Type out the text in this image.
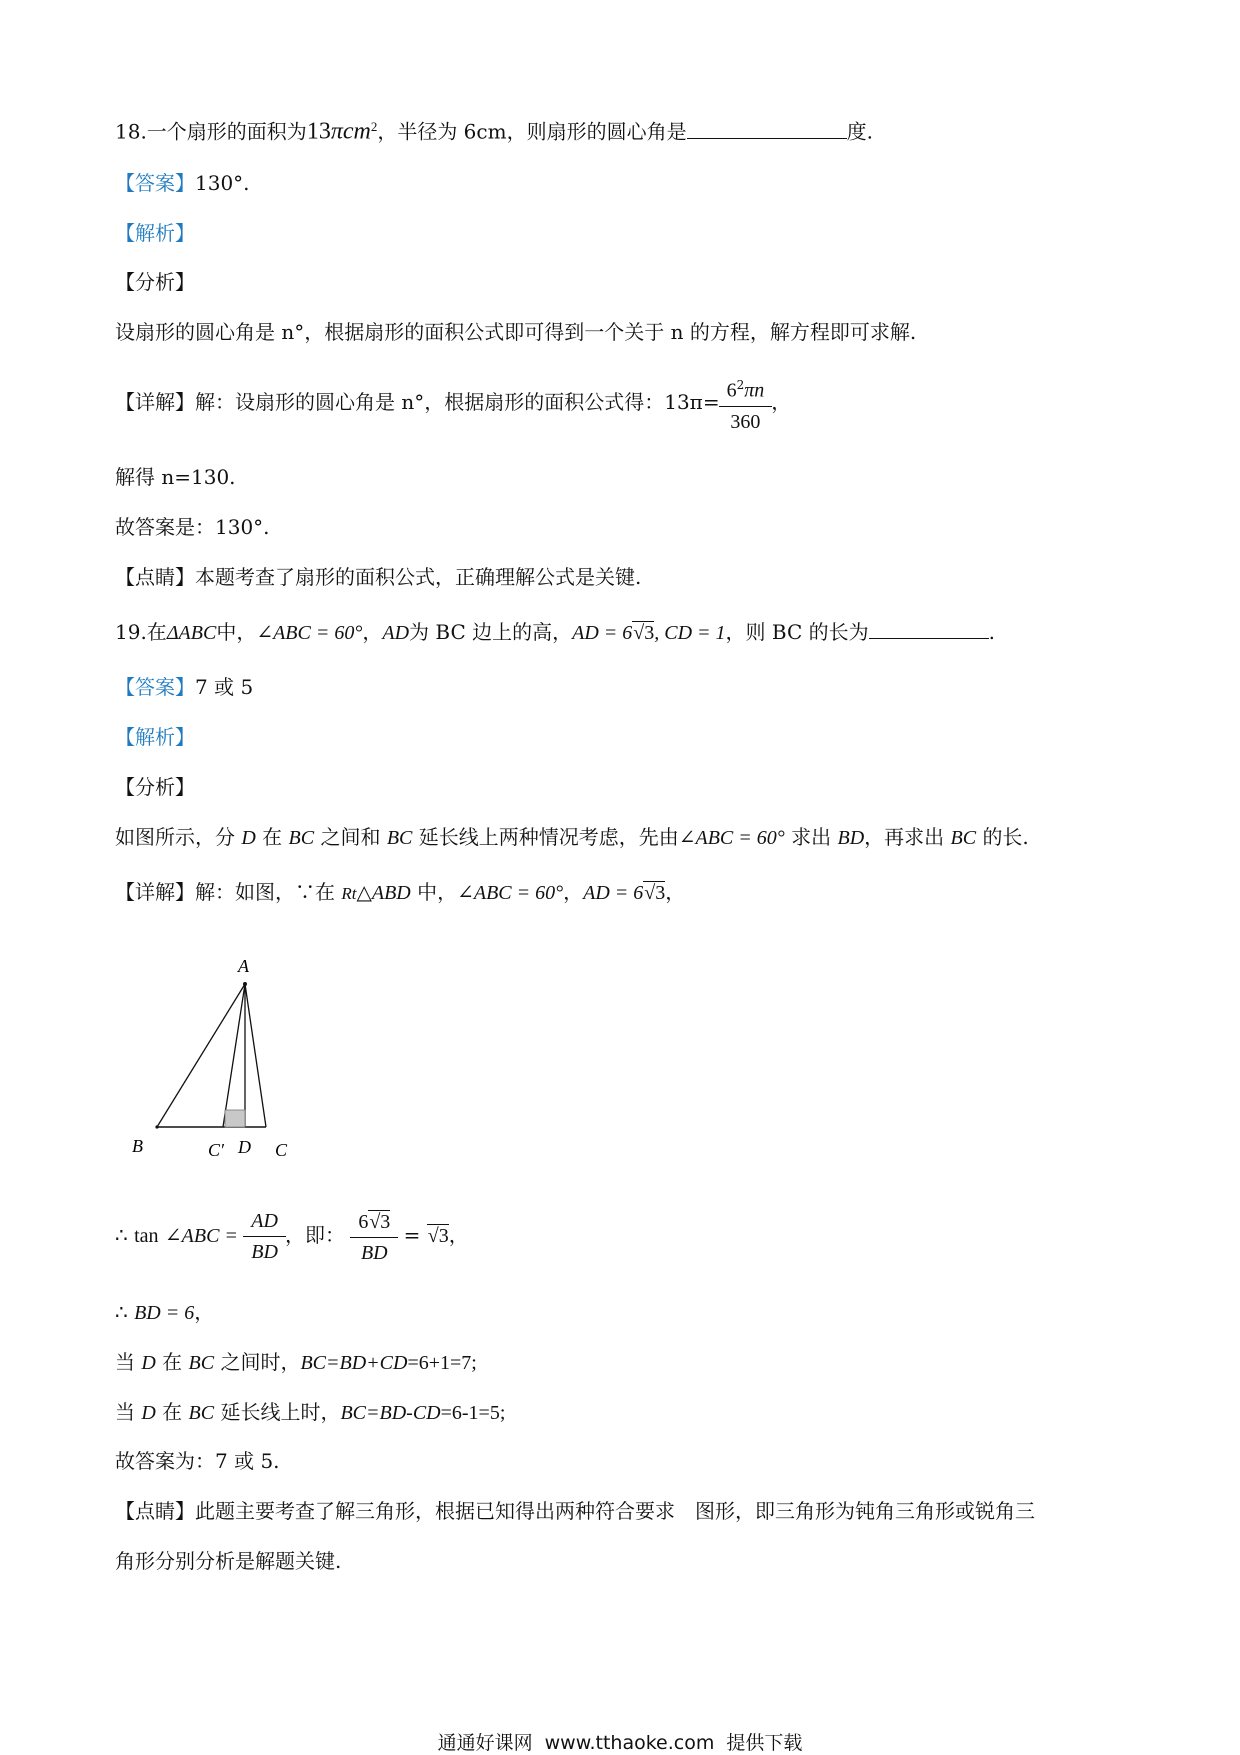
18.一个扇形的面积为13πcm$^2$，半径为 6cm，则扇形的圆心角是	度.
【答案】130°.
【解析】
【分析】
设扇形的圆心角是 n°，根据扇形的面积公式即可得到一个关于 n 的方程，解方程即可求解.
【详解】解：设扇形的圆心角是 n°，根据扇形的面积公式得：$13\pi= \frac{6^2\pi n}{360}$ ，
解得 n=130.
故答案是：130°.
【点睛】本题考查了扇形的面积公式，正确理解公式是关键.
19.在ΔABC中，∠ABC = 60°，AD为 BC 边上的高，AD = 6√3, CD = 1，则 BC 的长为	.
【答案】7 或 5
【解析】
【分析】
如图所示，分 D 在 BC 之间和 BC 延长线上两种情况考虑，先由∠ABC = 60° 求出 BD，再求出 BC 的长.
【详解】解：如图，∵在 Rt△ABD 中，∠ABC = 60°，AD = 6√3，
A
B	C′ D C
∴ tan ∠ABC = $\frac{AD}{BD}$ ，即： $\frac{6√3}{BD} = √3$，
∴ BD = 6，
当 D 在 BC 之间时，BC=BD+CD=6+1=7;
当 D 在 BC 延长线上时，BC=BD-CD=6-1=5;
故答案为：7 或 5.
【点睛】此题主要考查了解三角形，根据已知得出两种符合要求　图形，即三角形为钝角三角形或锐角三
角形分别分析是解题关键.
通通好课网 www.tthaoke.com 提供下载
